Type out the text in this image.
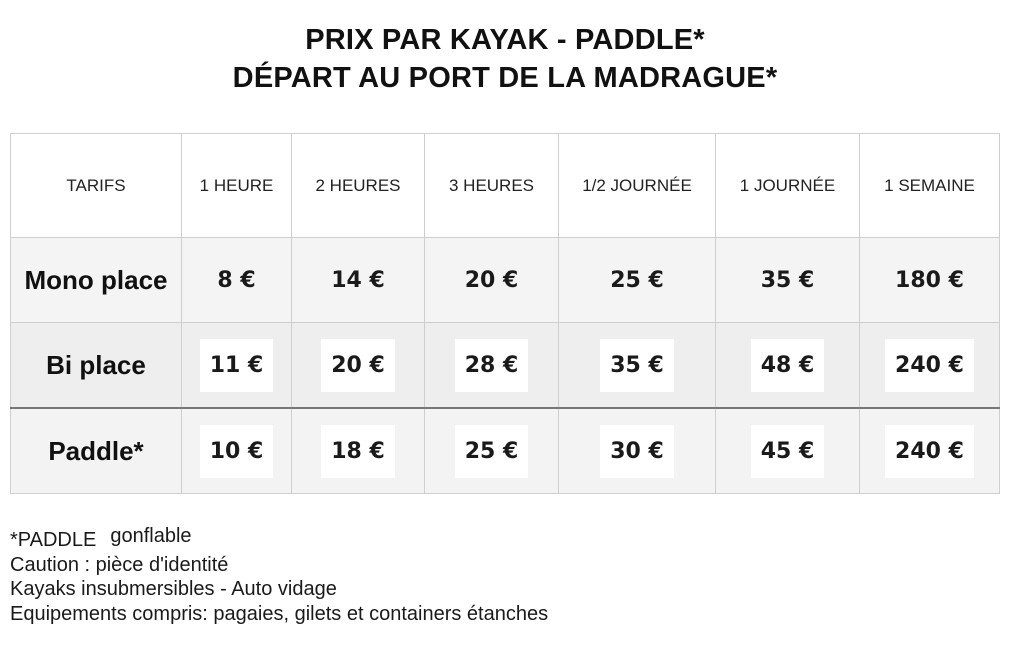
PRIX PAR KAYAK - PADDLE*
DÉPART AU PORT DE LA MADRAGUE*
TARIFS	1 HEURE	2 HEURES	3 HEURES	1/2 JOURNÉE	1 JOURNÉE	1 SEMAINE
Mono place	8 €	14 €	20 €	25 €	35 €	180 €
Bi place	11 €	20 €	28 €	35 €	48 €	240 €
Paddle*	10 €	18 €	25 €	30 €	45 €	240 €
*PADDLE gonflable
Caution : pièce d'identité
Kayaks insubmersibles - Auto vidage
Equipements compris: pagaies, gilets et containers étanches
